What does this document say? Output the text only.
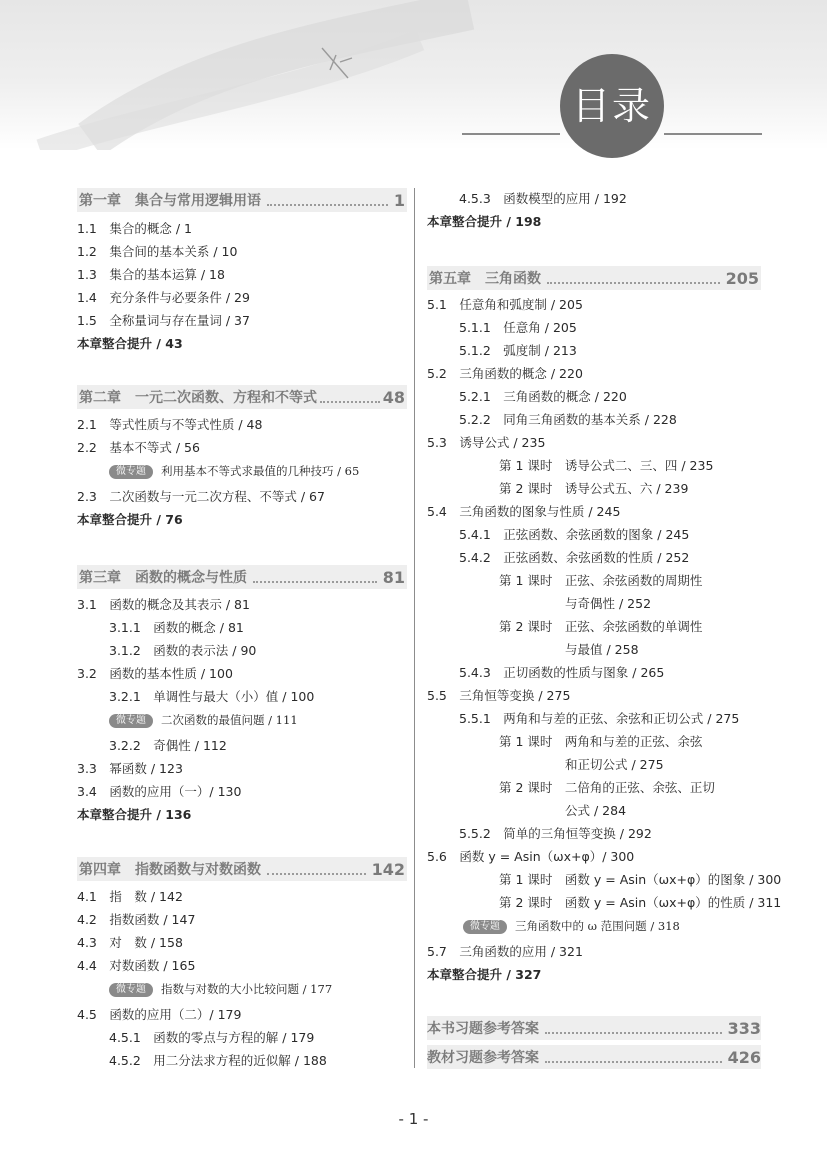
目录
第一章　集合与常用逻辑用语	1
1.1　集合的概念 / 1
1.2　集合间的基本关系 / 10
1.3　集合的基本运算 / 18
1.4　充分条件与必要条件 / 29
1.5　全称量词与存在量词 / 37
本章整合提升 / 43
第二章　一元二次函数、方程和不等式	48
2.1　等式性质与不等式性质 / 48
2.2　基本不等式 / 56
微专题 利用基本不等式求最值的几种技巧 / 65
2.3　二次函数与一元二次方程、不等式 / 67
本章整合提升 / 76
第三章　函数的概念与性质	81
3.1　函数的概念及其表示 / 81
3.1.1　函数的概念 / 81
3.1.2　函数的表示法 / 90
3.2　函数的基本性质 / 100
3.2.1　单调性与最大（小）值 / 100
微专题 二次函数的最值问题 / 111
3.2.2　奇偶性 / 112
3.3　幂函数 / 123
3.4　函数的应用（一）/ 130
本章整合提升 / 136
第四章　指数函数与对数函数	142
4.1　指　数 / 142
4.2　指数函数 / 147
4.3　对　数 / 158
4.4　对数函数 / 165
微专题 指数与对数的大小比较问题 / 177
4.5　函数的应用（二）/ 179
4.5.1　函数的零点与方程的解 / 179
4.5.2　用二分法求方程的近似解 / 188
4.5.3　函数模型的应用 / 192
本章整合提升 / 198
第五章　三角函数	205
5.1　任意角和弧度制 / 205
5.1.1　任意角 / 205
5.1.2　弧度制 / 213
5.2　三角函数的概念 / 220
5.2.1　三角函数的概念 / 220
5.2.2　同角三角函数的基本关系 / 228
5.3　诱导公式 / 235
第 1 课时　诱导公式二、三、四 / 235
第 2 课时　诱导公式五、六 / 239
5.4　三角函数的图象与性质 / 245
5.4.1　正弦函数、余弦函数的图象 / 245
5.4.2　正弦函数、余弦函数的性质 / 252
第 1 课时　正弦、余弦函数的周期性
与奇偶性 / 252
第 2 课时　正弦、余弦函数的单调性
与最值 / 258
5.4.3　正切函数的性质与图象 / 265
5.5　三角恒等变换 / 275
5.5.1　两角和与差的正弦、余弦和正切公式 / 275
第 1 课时　两角和与差的正弦、余弦
和正切公式 / 275
第 2 课时　二倍角的正弦、余弦、正切
公式 / 284
5.5.2　简单的三角恒等变换 / 292
5.6　函数 y = Asin（ωx+φ）/ 300
第 1 课时　函数 y = Asin（ωx+φ）的图象 / 300
第 2 课时　函数 y = Asin（ωx+φ）的性质 / 311
微专题 三角函数中的 ω 范围问题 / 318
5.7　三角函数的应用 / 321
本章整合提升 / 327
本书习题参考答案	333
教材习题参考答案	426
- 1 -
